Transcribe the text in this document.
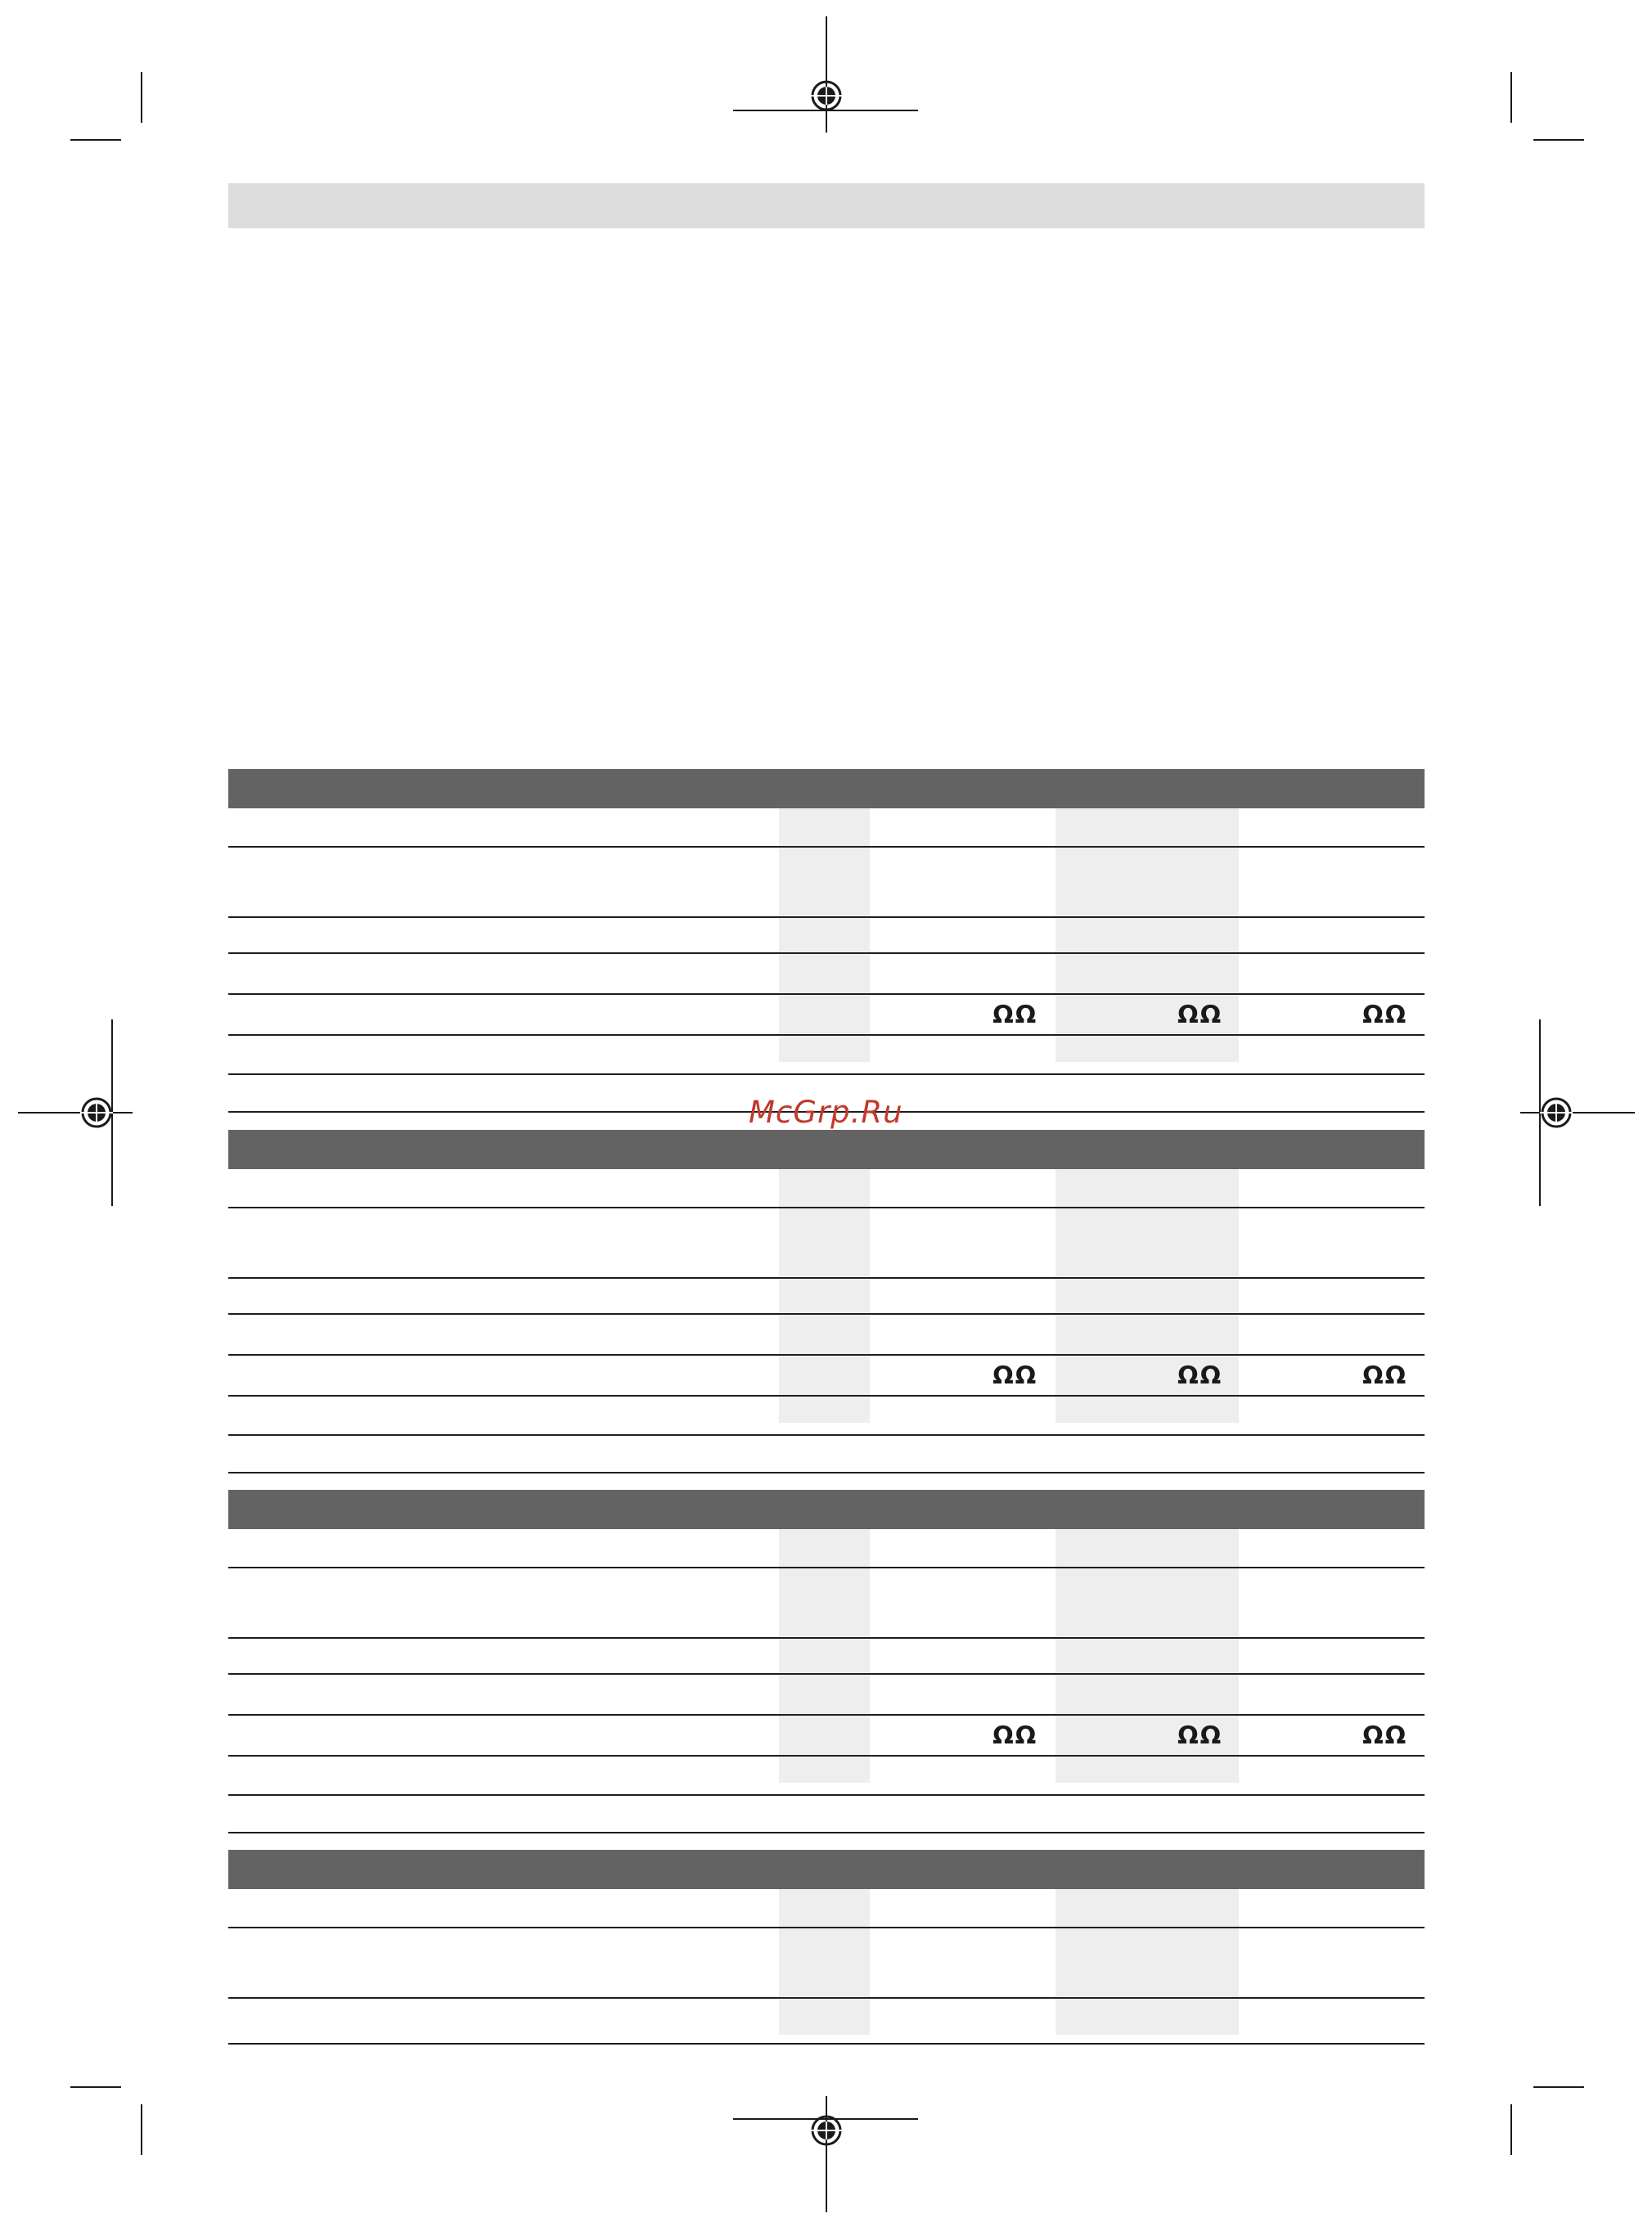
ΩΩ	ΩΩ	ΩΩ
ΩΩ	ΩΩ	ΩΩ
ΩΩ	ΩΩ	ΩΩ
McGrp.Ru
